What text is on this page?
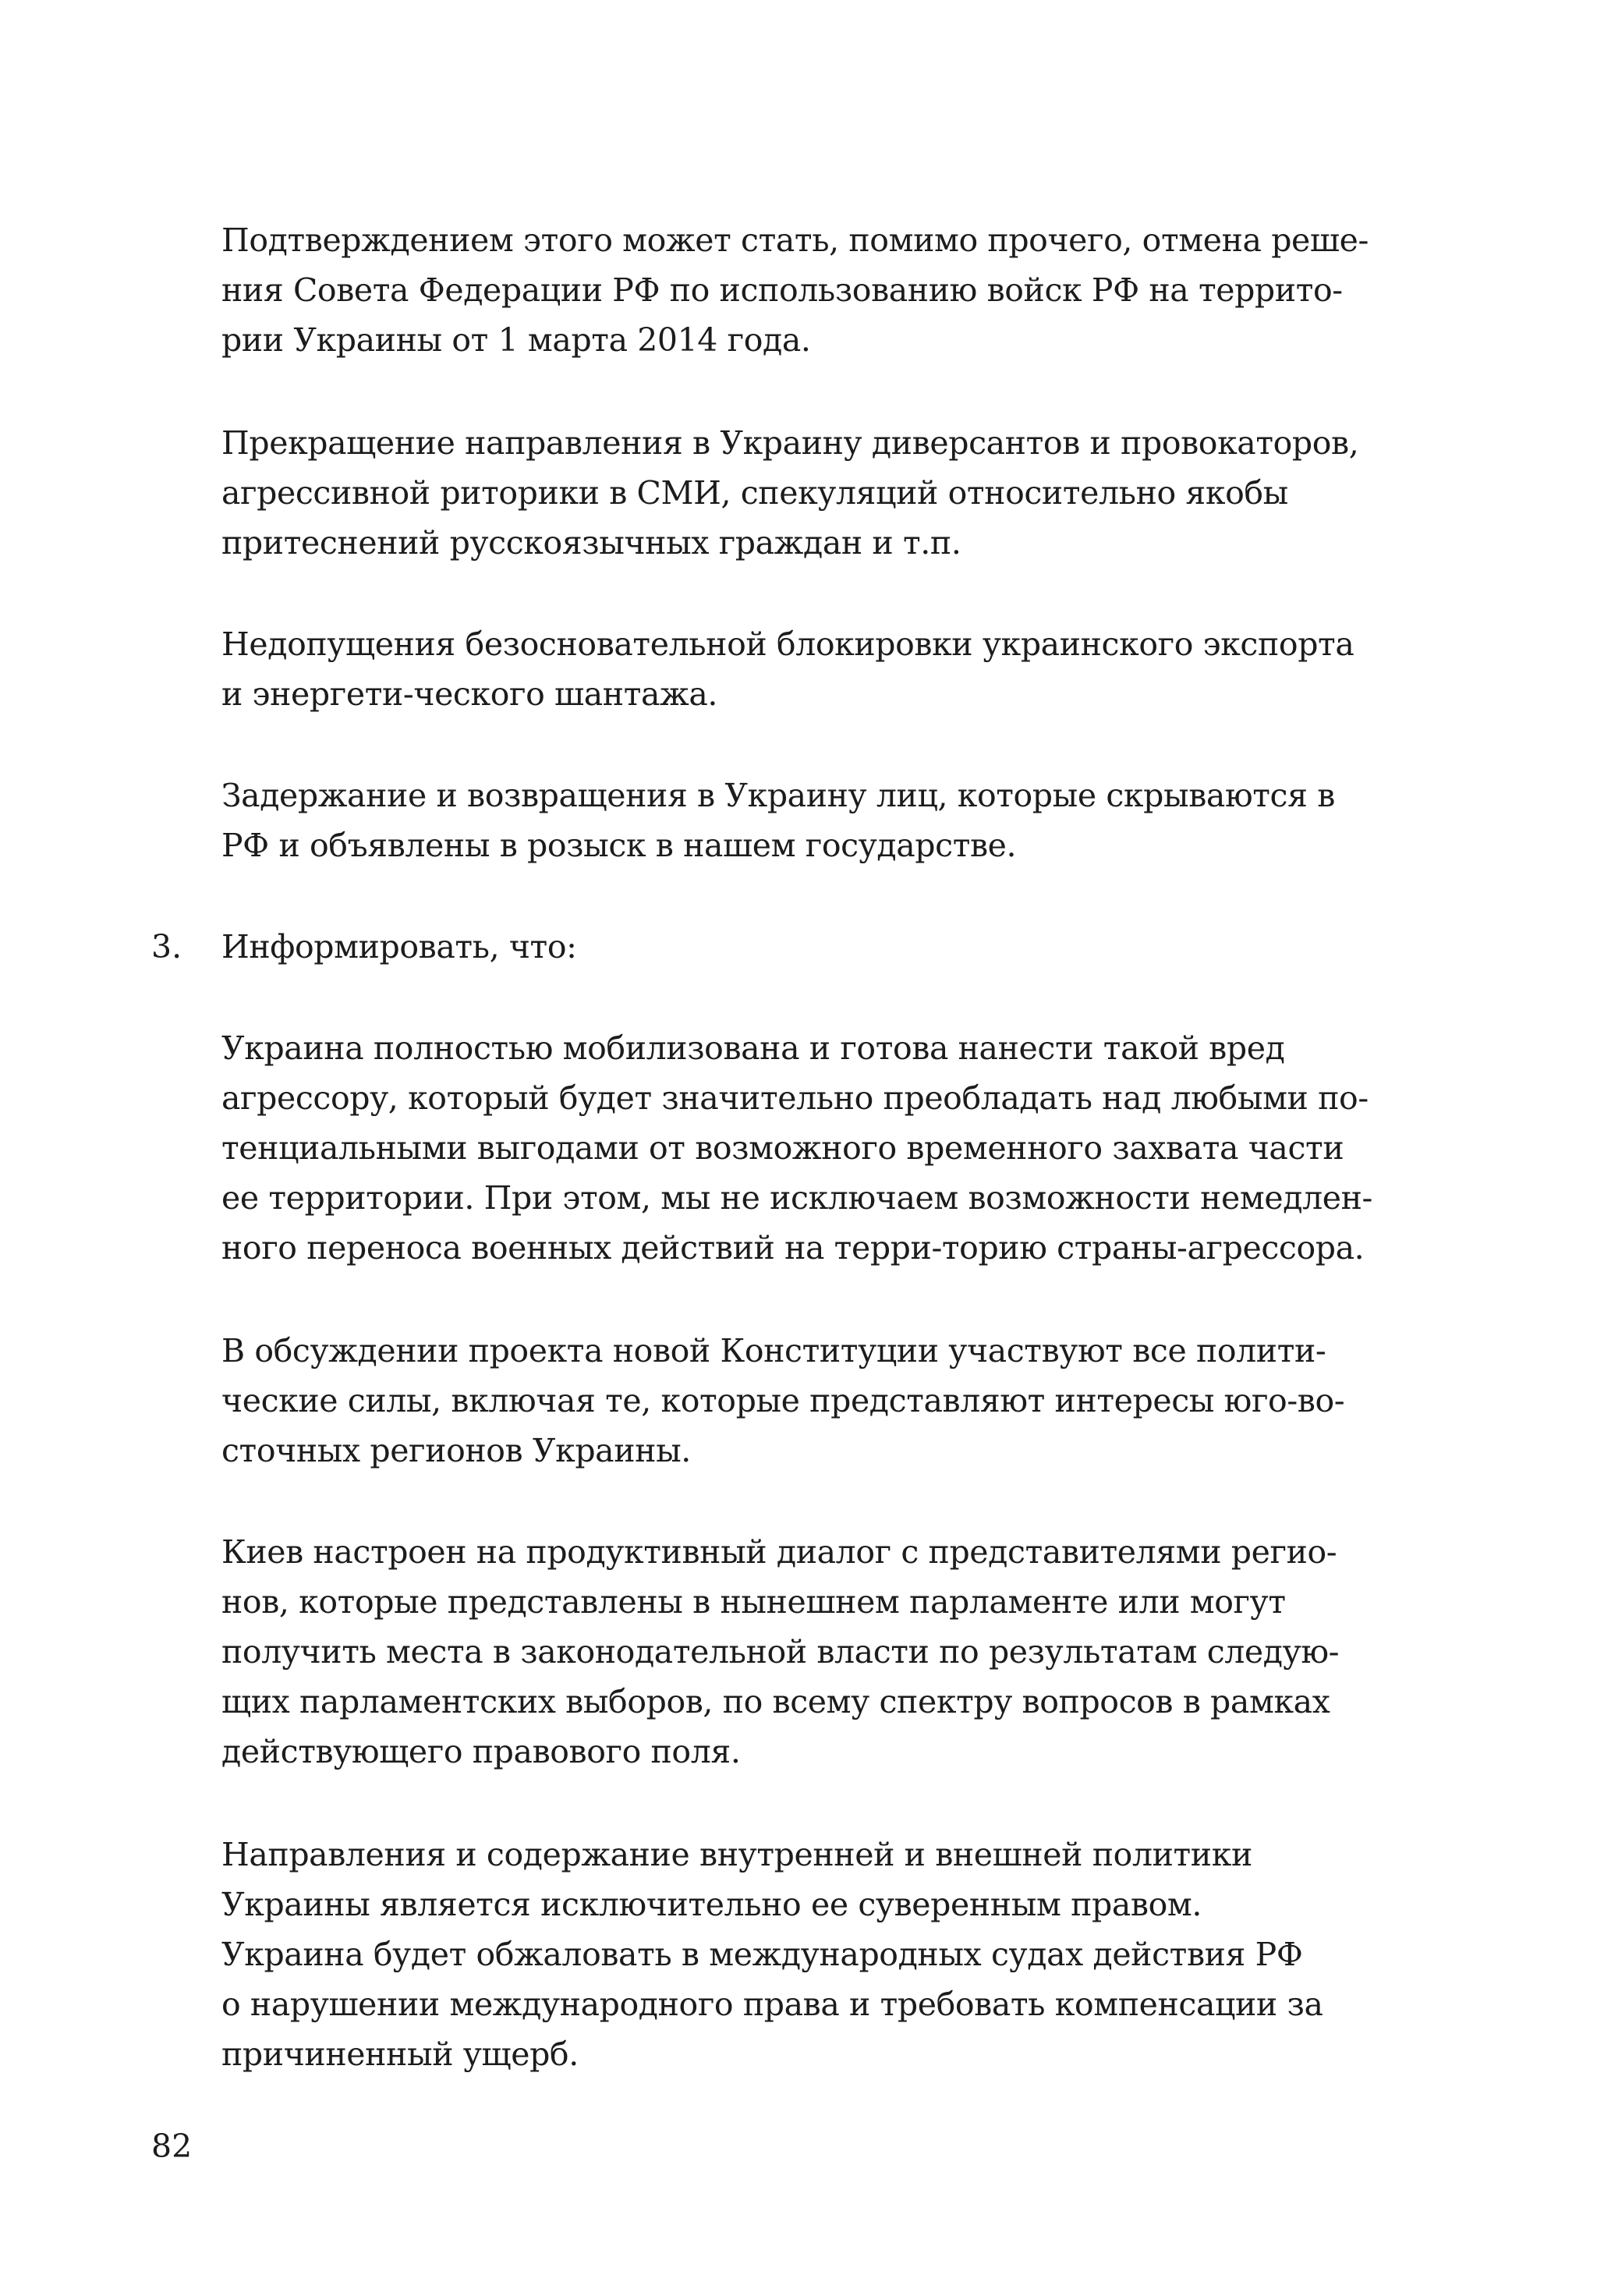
Подтверждением этого может стать, помимо прочего, отмена реше-
ния Совета Федерации РФ по использованию войск РФ на террито-
рии Украины от 1 марта 2014 года.
Прекращение направления в Украину диверсантов и провокаторов,
агрессивной риторики в СМИ, спекуляций относительно якобы
притеснений русскоязычных граждан и т.п.
Недопущения безосновательной блокировки украинского экспорта
и энергети-ческого шантажа.
Задержание и возвращения в Украину лиц, которые скрываются в
РФ и объявлены в розыск в нашем государстве.
3. Информировать, что:
Украина полностью мобилизована и готова нанести такой вред
агрессору, который будет значительно преобладать над любыми по-
тенциальными выгодами от возможного временного захвата части
ее территории. При этом, мы не исключаем возможности немедлен-
ного переноса военных действий на терри-торию страны-агрессора.
В обсуждении проекта новой Конституции участвуют все полити-
ческие силы, включая те, которые представляют интересы юго-во-
сточных регионов Украины.
Киев настроен на продуктивный диалог с представителями регио-
нов, которые представлены в нынешнем парламенте или могут
получить места в законодательной власти по результатам следую-
щих парламентских выборов, по всему спектру вопросов в рамках
действующего правового поля.
Направления и содержание внутренней и внешней политики
Украины является исключительно ее суверенным правом.
Украина будет обжаловать в международных судах действия РФ
о нарушении международного права и требовать компенсации за
причиненный ущерб.
82
